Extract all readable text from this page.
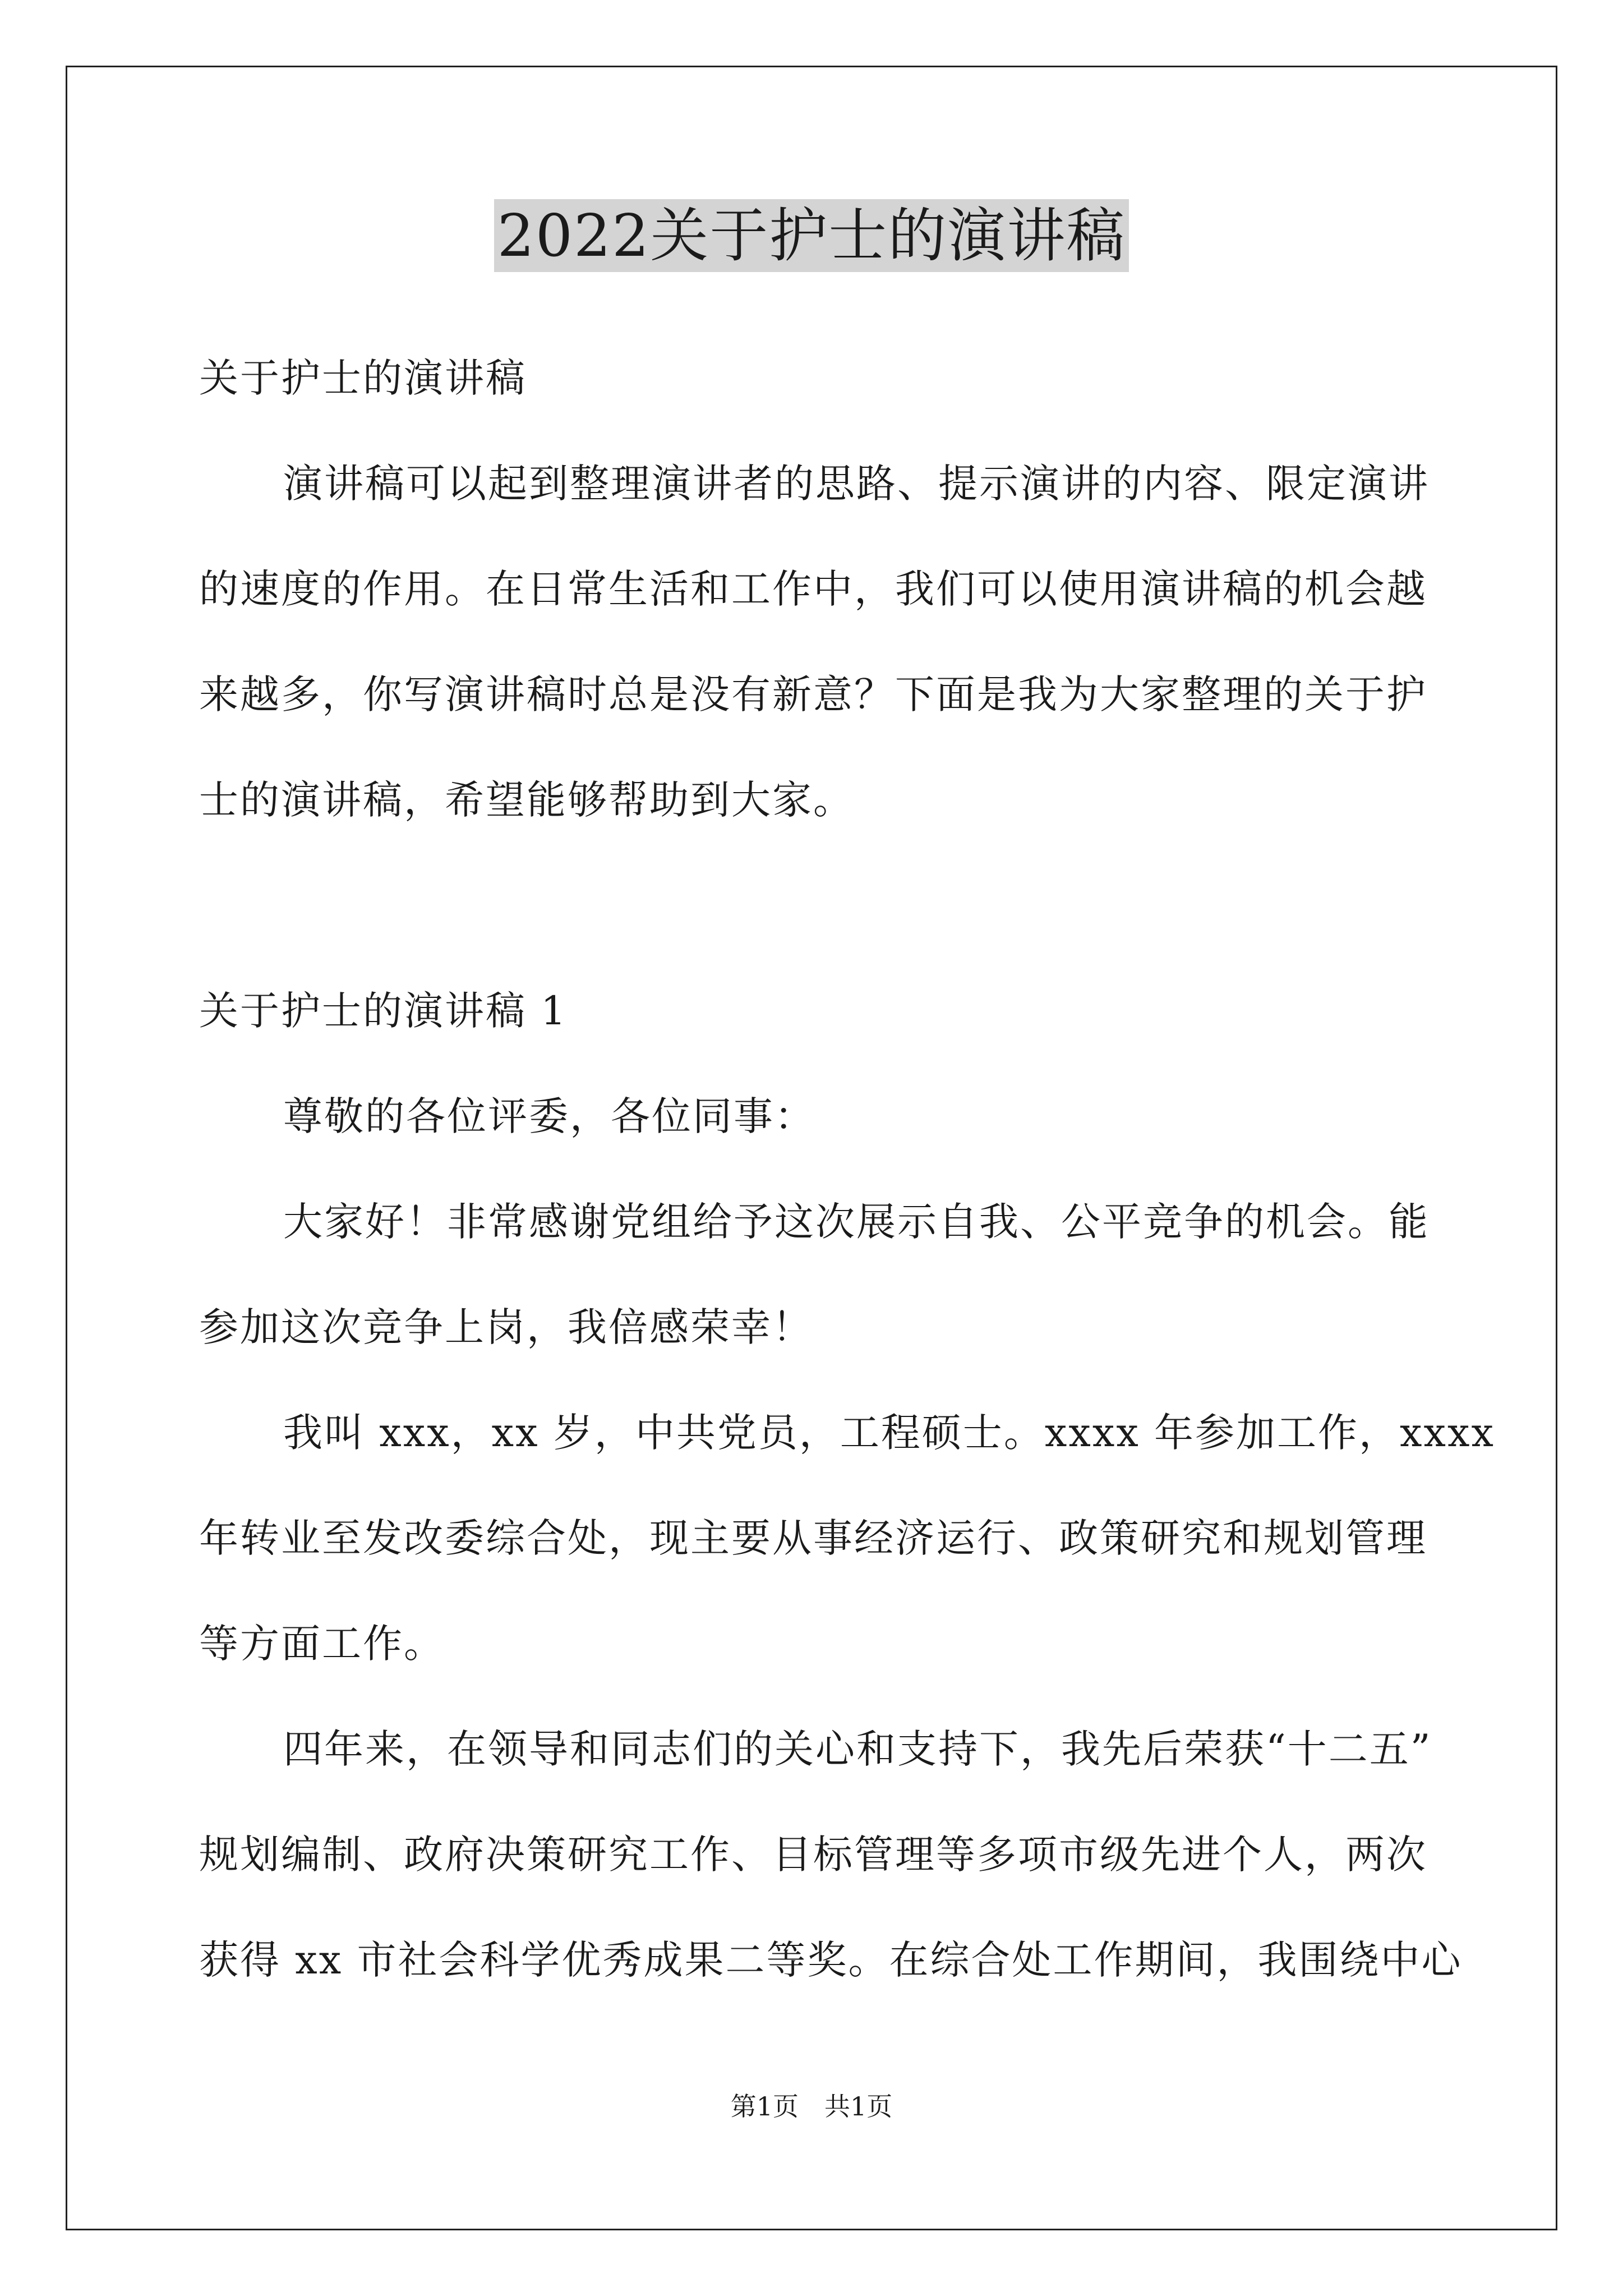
2022关于护士的演讲稿
关于护士的演讲稿
演讲稿可以起到整理演讲者的思路、提示演讲的内容、限定演讲
的速度的作用。在日常生活和工作中，我们可以使用演讲稿的机会越
来越多，你写演讲稿时总是没有新意？下面是我为大家整理的关于护
士的演讲稿，希望能够帮助到大家。
关于护士的演讲稿 1
尊敬的各位评委，各位同事：
大家好！非常感谢党组给予这次展示自我、公平竞争的机会。能
参加这次竞争上岗，我倍感荣幸！
我叫 xxx，xx 岁，中共党员，工程硕士。xxxx 年参加工作，xxxx
年转业至发改委综合处，现主要从事经济运行、政策研究和规划管理
等方面工作。
四年来，在领导和同志们的关心和支持下，我先后荣获“十二五”
规划编制、政府决策研究工作、目标管理等多项市级先进个人，两次
获得 xx 市社会科学优秀成果二等奖。在综合处工作期间，我围绕中心
第1页　共1页
